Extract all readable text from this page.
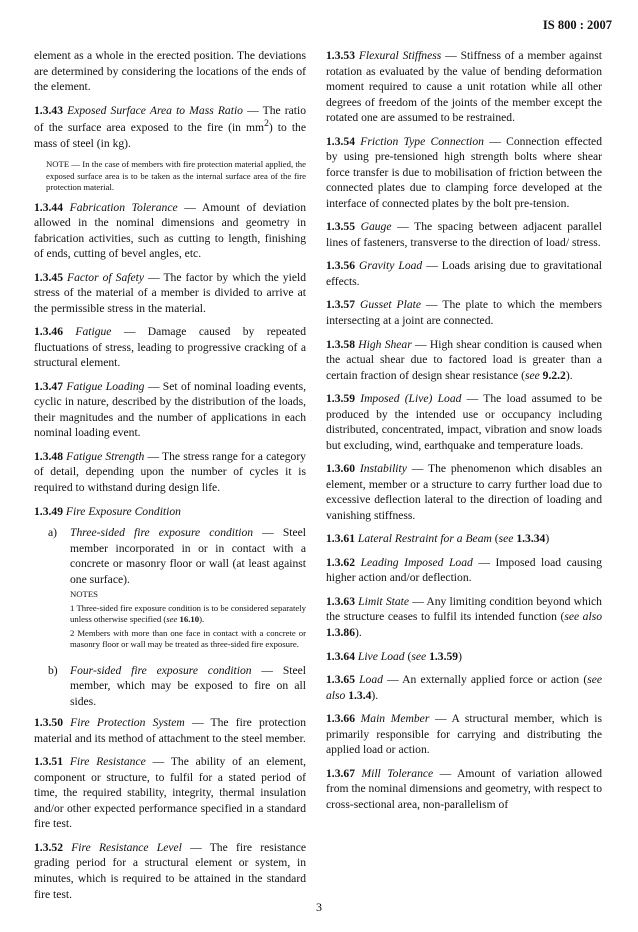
IS 800 : 2007

element as a whole in the erected position. The deviations are determined by considering the locations of the ends of the element.

1.3.43 Exposed Surface Area to Mass Ratio — The ratio of the surface area exposed to the fire (in $mm^2$) to the mass of steel (in kg).

NOTE — In the case of members with fire protection material applied, the exposed surface area is to be taken as the internal surface area of the fire protection material.

1.3.44 Fabrication Tolerance — Amount of deviation allowed in the nominal dimensions and geometry in fabrication activities, such as cutting to length, finishing of ends, cutting of bevel angles, etc.

1.3.45 Factor of Safety — The factor by which the yield stress of the material of a member is divided to arrive at the permissible stress in the material.

1.3.46 Fatigue — Damage caused by repeated fluctuations of stress, leading to progressive cracking of a structural element.

1.3.47 Fatigue Loading — Set of nominal loading events, cyclic in nature, described by the distribution of the loads, their magnitudes and the number of applications in each nominal loading event.

1.3.48 Fatigue Strength — The stress range for a category of detail, depending upon the number of cycles it is required to withstand during design life.

1.3.49 Fire Exposure Condition

a)	Three-sided fire exposure condition — Steel member incorporated in or in contact with a concrete or masonry floor or wall (at least against one surface).
NOTES
1 Three-sided fire exposure condition is to be considered separately unless otherwise specified (see 16.10).
2 Members with more than one face in contact with a concrete or masonry floor or wall may be treated as three-sided fire exposure.
b)	Four-sided fire exposure condition — Steel member, which may be exposed to fire on all sides.

1.3.50 Fire Protection System — The fire protection material and its method of attachment to the steel member.

1.3.51 Fire Resistance — The ability of an element, component or structure, to fulfil for a stated period of time, the required stability, integrity, thermal insulation and/or other expected performance specified in a standard fire test.

1.3.52 Fire Resistance Level — The fire resistance grading period for a structural element or system, in minutes, which is required to be attained in the standard fire test.

1.3.53 Flexural Stiffness — Stiffness of a member against rotation as evaluated by the value of bending deformation moment required to cause a unit rotation while all other degrees of freedom of the joints of the member except the rotated one are assumed to be restrained.

1.3.54 Friction Type Connection — Connection effected by using pre-tensioned high strength bolts where shear force transfer is due to mobilisation of friction between the connected plates due to clamping force developed at the interface of connected plates by the bolt pre-tension.

1.3.55 Gauge — The spacing between adjacent parallel lines of fasteners, transverse to the direction of load/ stress.

1.3.56 Gravity Load — Loads arising due to gravitational effects.

1.3.57 Gusset Plate — The plate to which the members intersecting at a joint are connected.

1.3.58 High Shear — High shear condition is caused when the actual shear due to factored load is greater than a certain fraction of design shear resistance (see 9.2.2).

1.3.59 Imposed (Live) Load — The load assumed to be produced by the intended use or occupancy including distributed, concentrated, impact, vibration and snow loads but excluding, wind, earthquake and temperature loads.

1.3.60 Instability — The phenomenon which disables an element, member or a structure to carry further load due to excessive deflection lateral to the direction of loading and vanishing stiffness.

1.3.61 Lateral Restraint for a Beam (see 1.3.34)

1.3.62 Leading Imposed Load — Imposed load causing higher action and/or deflection.

1.3.63 Limit State — Any limiting condition beyond which the structure ceases to fulfil its intended function (see also 1.3.86).

1.3.64 Live Load (see 1.3.59)

1.3.65 Load — An externally applied force or action (see also 1.3.4).

1.3.66 Main Member — A structural member, which is primarily responsible for carrying and distributing the applied load or action.

1.3.67 Mill Tolerance — Amount of variation allowed from the nominal dimensions and geometry, with respect to cross-sectional area, non-parallelism of

3
